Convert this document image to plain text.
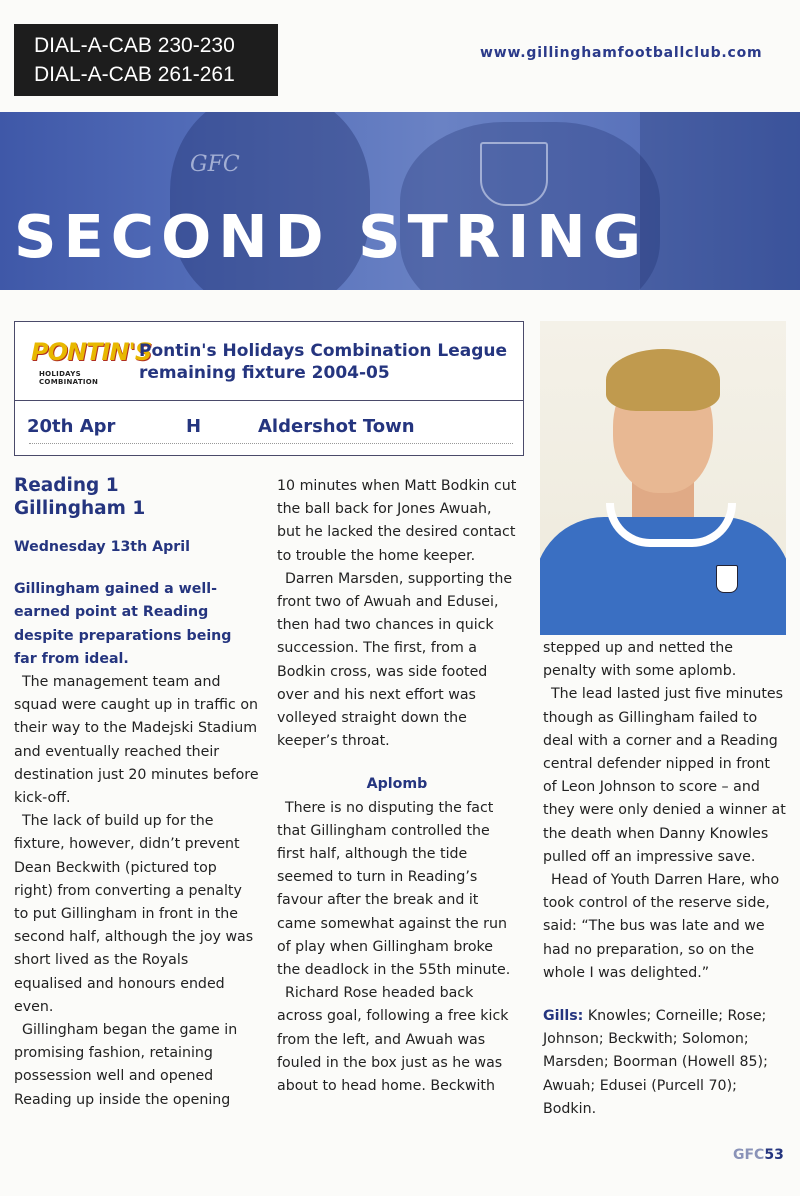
DIAL-A-CAB 230-230
DIAL-A-CAB 261-261
www.gillinghamfootballclub.com
GFC
SECOND STRING
PONTIN'S
HOLIDAYS COMBINATION
Pontin's Holidays Combination League
remaining fixture 2004-05
20th Apr	H	Aldershot Town

Reading 1

Gillingham 1

Wednesday 13th April

Gillingham gained a well-earned point at Reading despite preparations being far from ideal.

The management team and squad were caught up in traffic on their way to the Madejski Stadium and eventually reached their destination just 20 minutes before kick-off.

The lack of build up for the fixture, however, didn’t prevent Dean Beckwith (pictured top right) from converting a penalty to put Gillingham in front in the second half, although the joy was short lived as the Royals equalised and honours ended even.

Gillingham began the game in promising fashion, retaining possession well and opened Reading up inside the opening

10 minutes when Matt Bodkin cut the ball back for Jones Awuah, but he lacked the desired contact to trouble the home keeper.

Darren Marsden, supporting the front two of Awuah and Edusei, then had two chances in quick succession. The first, from a Bodkin cross, was side footed over and his next effort was volleyed straight down the keeper’s throat.

Aplomb

There is no disputing the fact that Gillingham controlled the first half, although the tide seemed to turn in Reading’s favour after the break and it came somewhat against the run of play when Gillingham broke the deadlock in the 55th minute.

Richard Rose headed back across goal, following a free kick from the left, and Awuah was fouled in the box just as he was about to head home. Beckwith

stepped up and netted the penalty with some aplomb.

The lead lasted just five minutes though as Gillingham failed to deal with a corner and a Reading central defender nipped in front of Leon Johnson to score – and they were only denied a winner at the death when Danny Knowles pulled off an impressive save.

Head of Youth Darren Hare, who took control of the reserve side, said: “The bus was late and we had no preparation, so on the whole I was delighted.”

Gills: Knowles; Corneille; Rose; Johnson; Beckwith; Solomon; Marsden; Boorman (Howell 85); Awuah; Edusei (Purcell 70); Bodkin.

GFC53
